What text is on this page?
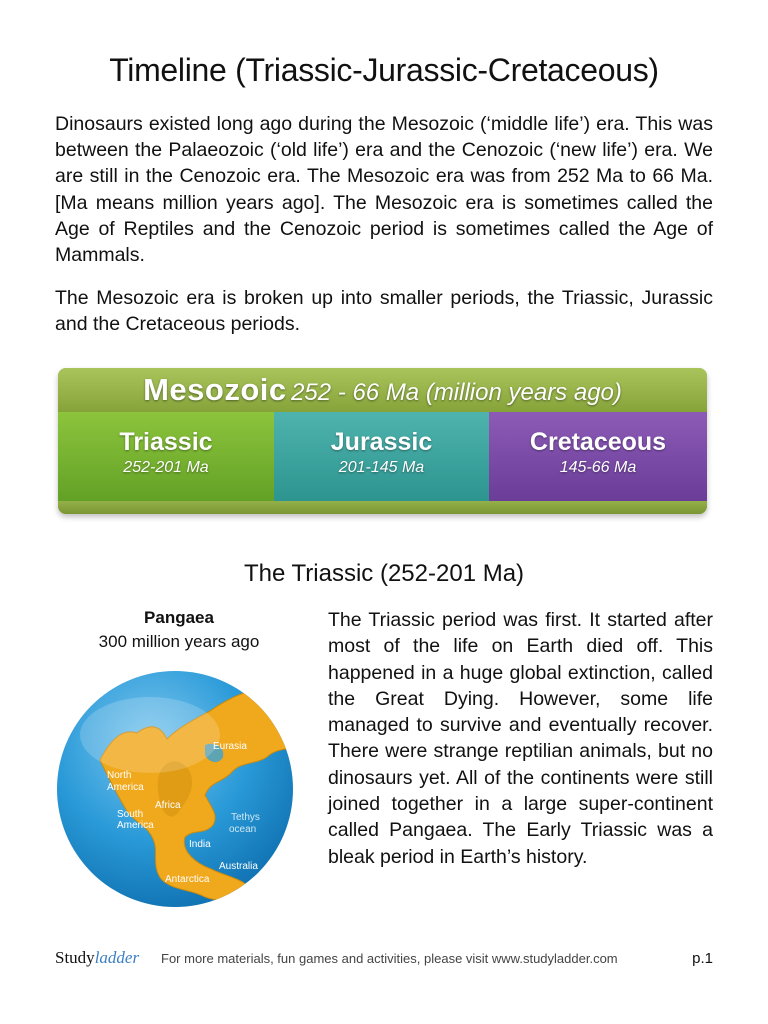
Timeline (Triassic-Jurassic-Cretaceous)

Dinosaurs existed long ago during the Mesozoic (‘middle life’) era. This was between the Palaeozoic (‘old life’) era and the Cenozoic (‘new life’) era. We are still in the Cenozoic era. The Mesozoic era was from 252 Ma to 66 Ma. [Ma means million years ago]. The Mesozoic era is sometimes called the Age of Reptiles and the Cenozoic period is sometimes called the Age of Mammals.

The Mesozoic era is broken up into smaller periods, the Triassic, Jurassic and the Cretaceous periods.

Mesozoic 252 - 66 Ma (million years ago)
Triassic
252-201 Ma
Jurassic
201-145 Ma
Cretaceous
145-66 Ma
The Triassic (252-201 Ma)
Pangaea
300 million years ago
Eurasia
North
America
Africa
South
America
Tethys
ocean
India
Australia
Antarctica

The Triassic period was first. It started after most of the life on Earth died off. This happened in a huge global extinction, called the Great Dying. However, some life managed to survive and eventually recover. There were strange reptilian animals, but no dinosaurs yet. All of the continents were still joined together in a large super-continent called Pangaea. The Early Triassic was a bleak period in Earth’s history.

Studyladder For more materials, fun games and activities, please visit www.studyladder.com	p.1
